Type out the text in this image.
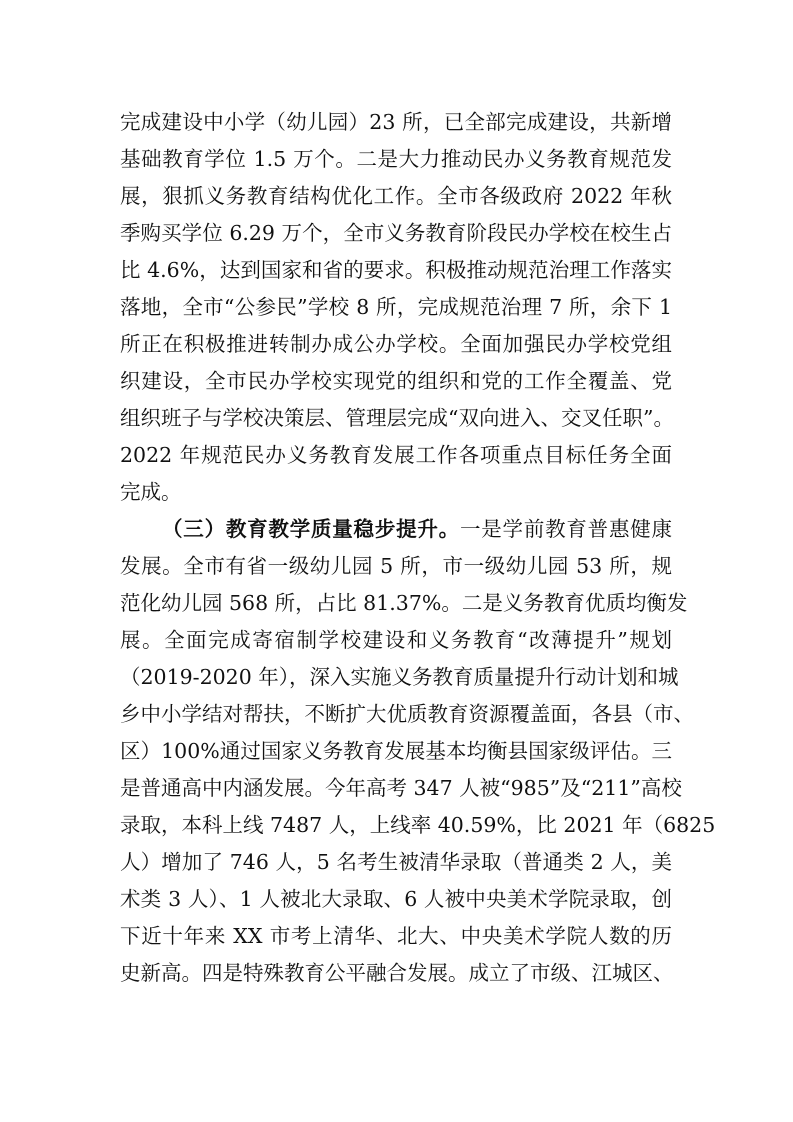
完成建设中小学（幼儿园）23 所，已全部完成建设，共新增
基础教育学位 1.5 万个。二是大力推动民办义务教育规范发
展，狠抓义务教育结构优化工作。全市各级政府 2022 年秋
季购买学位 6.29 万个，全市义务教育阶段民办学校在校生占
比 4.6%，达到国家和省的要求。积极推动规范治理工作落实
落地，全市“公参民”学校 8 所，完成规范治理 7 所，余下 1
所正在积极推进转制办成公办学校。全面加强民办学校党组
织建设，全市民办学校实现党的组织和党的工作全覆盖、党
组织班子与学校决策层、管理层完成“双向进入、交叉任职”。
2022 年规范民办义务教育发展工作各项重点目标任务全面
完成。
（三）教育教学质量稳步提升。一是学前教育普惠健康
发展。全市有省一级幼儿园 5 所，市一级幼儿园 53 所，规
范化幼儿园 568 所，占比 81.37%。二是义务教育优质均衡发
展。全面完成寄宿制学校建设和义务教育“改薄提升”规划
（2019-2020 年），深入实施义务教育质量提升行动计划和城
乡中小学结对帮扶，不断扩大优质教育资源覆盖面，各县（市、
区）100%通过国家义务教育发展基本均衡县国家级评估。三
是普通高中内涵发展。今年高考 347 人被“985”及“211”高校
录取，本科上线 7487 人，上线率 40.59%，比 2021 年（6825
人）增加了 746 人，5 名考生被清华录取（普通类 2 人，美
术类 3 人）、1 人被北大录取、6 人被中央美术学院录取，创
下近十年来 XX 市考上清华、北大、中央美术学院人数的历
史新高。四是特殊教育公平融合发展。成立了市级、江城区、
